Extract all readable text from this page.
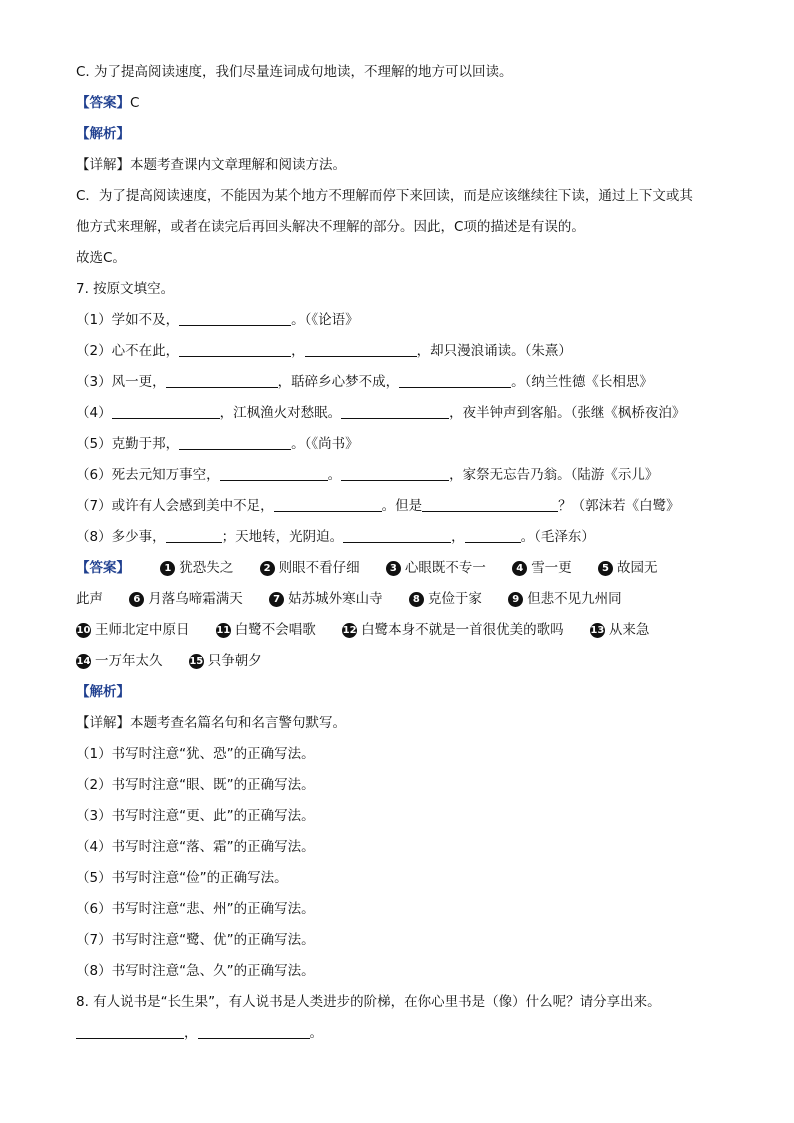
C. 为了提高阅读速度，我们尽量连词成句地读，不理解的地方可以回读。
【答案】C
【解析】
【详解】本题考查课内文章理解和阅读方法。
C．为了提高阅读速度，不能因为某个地方不理解而停下来回读，而是应该继续往下读，通过上下文或其
他方式来理解，或者在读完后再回头解决不理解的部分。因此，C项的描述是有误的。
故选C。
7. 按原文填空。
（1）学如不及，	。（《论语》
（2）心不在此，	，	，却只漫浪诵读。（朱熹）
（3）风一更，	，聒碎乡心梦不成，	。（纳兰性德《长相思》
（4）	，江枫渔火对愁眠。	，夜半钟声到客船。（张继《枫桥夜泊》
（5）克勤于邦，	。（《尚书》
（6）死去元知万事空，	。	，家祭无忘告乃翁。（陆游《示儿》
（7）或许有人会感到美中不足，	。但是	？（郭沫若《白鹭》
（8）多少事，	；天地转，光阴迫。	，	。（毛泽东）
【答案】	1 犹恐失之	2 则眼不看仔细	3 心眼既不专一	4 雪一更	5 故园无
此声	6 月落乌啼霜满天	7 姑苏城外寒山寺	8 克俭于家	9 但悲不见九州同
10 王师北定中原日	11 白鹭不会唱歌	12 白鹭本身不就是一首很优美的歌吗	13 从来急
14 一万年太久	15 只争朝夕
【解析】
【详解】本题考查名篇名句和名言警句默写。
（1）书写时注意“犹、恐”的正确写法。
（2）书写时注意“眼、既”的正确写法。
（3）书写时注意“更、此”的正确写法。
（4）书写时注意“落、霜”的正确写法。
（5）书写时注意“俭”的正确写法。
（6）书写时注意“悲、州”的正确写法。
（7）书写时注意“鹭、优”的正确写法。
（8）书写时注意“急、久”的正确写法。
8. 有人说书是“长生果”，有人说书是人类进步的阶梯，在你心里书是（像）什么呢？请分享出来。
，	。
